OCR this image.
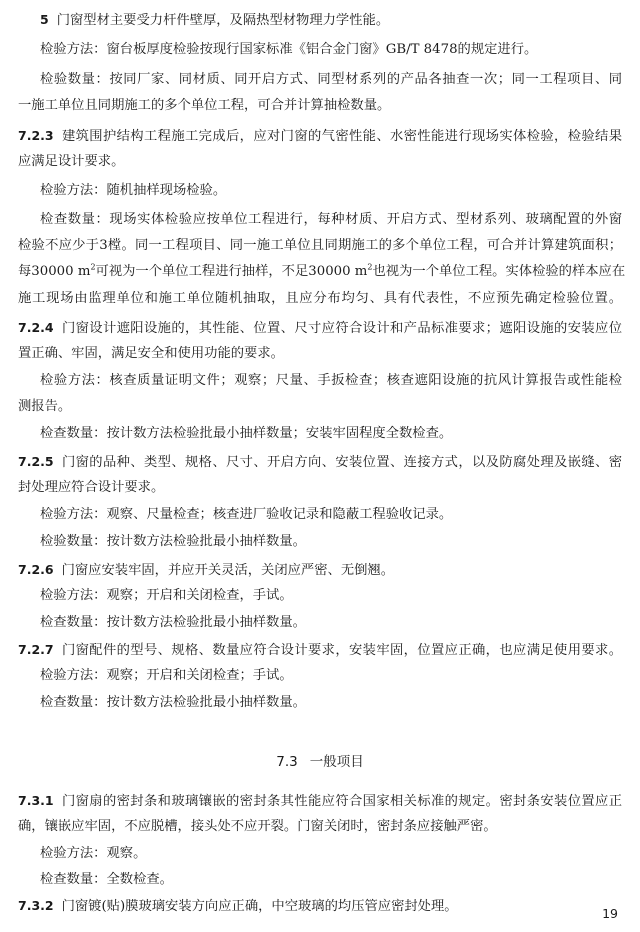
5 门窗型材主要受力杆件壁厚，及隔热型材物理力学性能。
检验方法：窗台板厚度检验按现行国家标准《铝合金门窗》GB/T 8478的规定进行。
检验数量：按同厂家、同材质、同开启方式、同型材系列的产品各抽查一次；同一工程项目、同
一施工单位且同期施工的多个单位工程，可合并计算抽检数量。
7.2.3 建筑围护结构工程施工完成后，应对门窗的气密性能、水密性能进行现场实体检验，检验结果
应满足设计要求。
检验方法：随机抽样现场检验。
检查数量：现场实体检验应按单位工程进行，每种材质、开启方式、型材系列、玻璃配置的外窗
检验不应少于3樘。同一工程项目、同一施工单位且同期施工的多个单位工程，可合并计算建筑面积；
每30000 $m^2$可视为一个单位工程进行抽样，不足30000 $m^2$也视为一个单位工程。实体检验的样本应在
施工现场由监理单位和施工单位随机抽取，且应分布均匀、具有代表性，不应预先确定检验位置。
7.2.4 门窗设计遮阳设施的，其性能、位置、尺寸应符合设计和产品标准要求；遮阳设施的安装应位
置正确、牢固，满足安全和使用功能的要求。
检验方法：核查质量证明文件；观察；尺量、手扳检查；核查遮阳设施的抗风计算报告或性能检
测报告。
检查数量：按计数方法检验批最小抽样数量；安装牢固程度全数检查。
7.2.5 门窗的品种、类型、规格、尺寸、开启方向、安装位置、连接方式，以及防腐处理及嵌缝、密
封处理应符合设计要求。
检验方法：观察、尺量检查；核查进厂验收记录和隐蔽工程验收记录。
检验数量：按计数方法检验批最小抽样数量。
7.2.6 门窗应安装牢固，并应开关灵活，关闭应严密、无倒翘。
检验方法：观察；开启和关闭检查，手试。
检查数量：按计数方法检验批最小抽样数量。
7.2.7 门窗配件的型号、规格、数量应符合设计要求，安装牢固，位置应正确，也应满足使用要求。
检验方法：观察；开启和关闭检查；手试。
检查数量：按计数方法检验批最小抽样数量。
7.3 一般项目
7.3.1 门窗扇的密封条和玻璃镶嵌的密封条其性能应符合国家相关标准的规定。密封条安装位置应正
确，镶嵌应牢固，不应脱槽，接头处不应开裂。门窗关闭时，密封条应接触严密。
检验方法：观察。
检查数量：全数检查。
7.3.2 门窗镀(贴)膜玻璃安装方向应正确，中空玻璃的均压管应密封处理。	19
